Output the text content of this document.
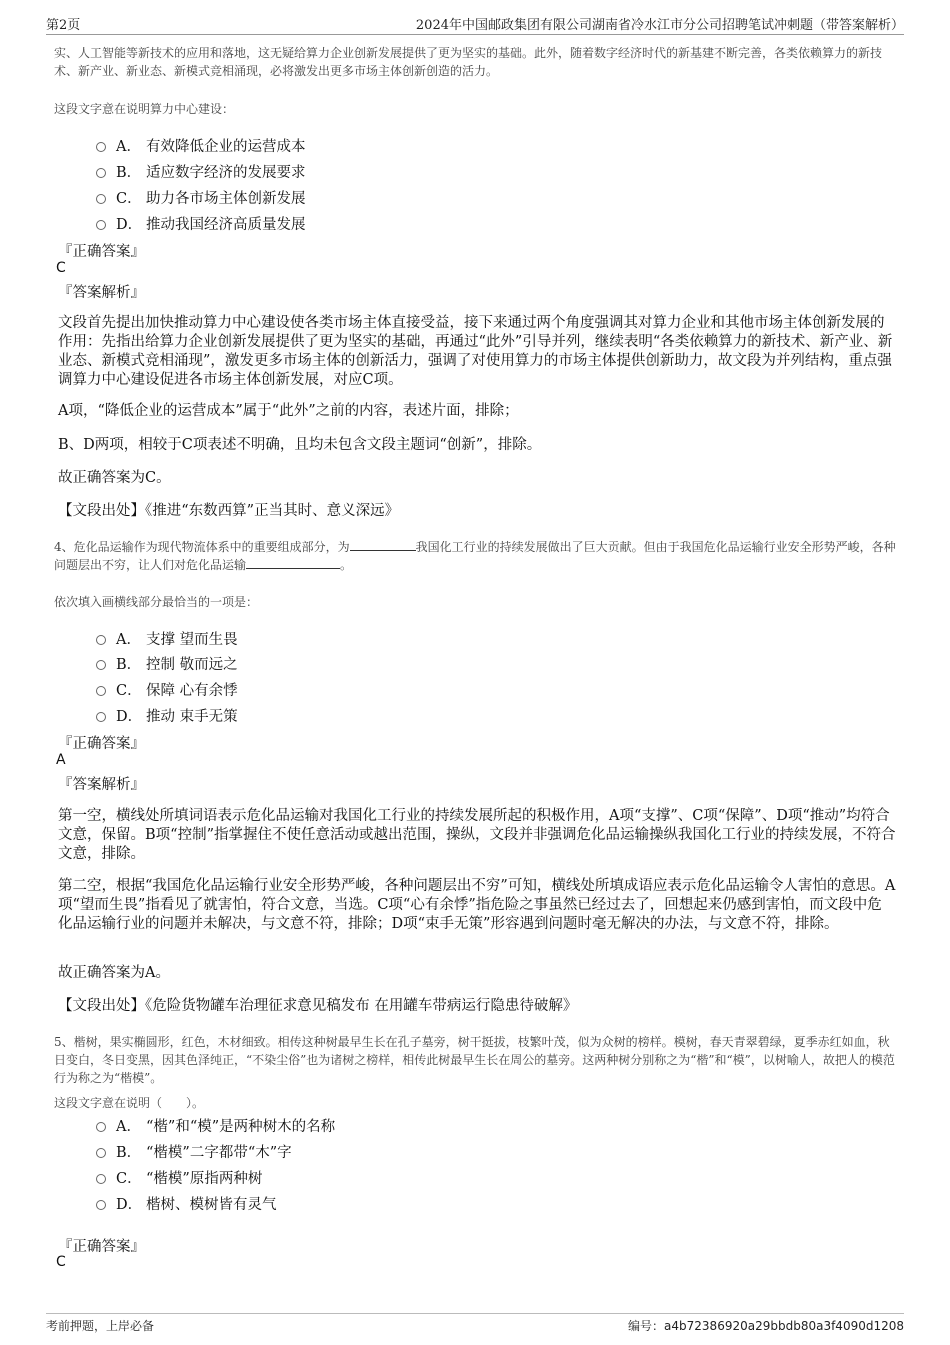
第2页	2024年中国邮政集团有限公司湖南省冷水江市分公司招聘笔试冲刺题（带答案解析）
实、人工智能等新技术的应用和落地，这无疑给算力企业创新发展提供了更为坚实的基础。此外，随着数字经济时代的新基建不断完善，各类依赖算力的新技术、新产业、新业态、新模式竞相涌现，必将激发出更多市场主体创新创造的活力。
这段文字意在说明算力中心建设：
A． 有效降低企业的运营成本
B． 适应数字经济的发展要求
C． 助力各市场主体创新发展
D． 推动我国经济高质量发展
『正确答案』
C
『答案解析』
文段首先提出加快推动算力中心建设使各类市场主体直接受益，接下来通过两个角度强调其对算力企业和其他市场主体创新发展的作用：先指出给算力企业创新发展提供了更为坚实的基础，再通过“此外”引导并列，继续表明“各类依赖算力的新技术、新产业、新业态、新模式竞相涌现”，激发更多市场主体的创新活力，强调了对使用算力的市场主体提供创新助力，故文段为并列结构，重点强调算力中心建设促进各市场主体创新发展，对应C项。
A项，“降低企业的运营成本”属于“此外”之前的内容，表述片面，排除；
B、D两项，相较于C项表述不明确，且均未包含文段主题词“创新”，排除。
故正确答案为C。
【文段出处】《推进“东数西算”正当其时、意义深远》
4、危化品运输作为现代物流体系中的重要组成部分，为	我国化工行业的持续发展做出了巨大贡献。但由于我国危化品运输行业安全形势严峻，各种问题层出不穷，让人们对危化品运输	。
依次填入画横线部分最恰当的一项是：
A． 支撑 望而生畏
B． 控制 敬而远之
C． 保障 心有余悸
D． 推动 束手无策
『正确答案』
A
『答案解析』
第一空，横线处所填词语表示危化品运输对我国化工行业的持续发展所起的积极作用，A项“支撑”、C项“保障”、D项“推动”均符合文意，保留。B项“控制”指掌握住不使任意活动或越出范围，操纵，文段并非强调危化品运输操纵我国化工行业的持续发展，不符合文意，排除。
第二空，根据“我国危化品运输行业安全形势严峻，各种问题层出不穷”可知，横线处所填成语应表示危化品运输令人害怕的意思。A项“望而生畏”指看见了就害怕，符合文意，当选。C项“心有余悸”指危险之事虽然已经过去了，回想起来仍感到害怕，而文段中危化品运输行业的问题并未解决，与文意不符，排除；D项“束手无策”形容遇到问题时毫无解决的办法，与文意不符，排除。
故正确答案为A。
【文段出处】《危险货物罐车治理征求意见稿发布 在用罐车带病运行隐患待破解》
5、楷树，果实椭圆形，红色，木材细致。相传这种树最早生长在孔子墓旁，树干挺拔，枝繁叶茂，似为众树的榜样。模树，春天青翠碧绿，夏季赤红如血，秋日变白，冬日变黑，因其色泽纯正，“不染尘俗”也为诸树之榜样，相传此树最早生长在周公的墓旁。这两种树分别称之为“楷”和“模”，以树喻人，故把人的模范行为称之为“楷模”。
这段文字意在说明（　　）。
A． “楷”和“模”是两种树木的名称
B． “楷模”二字都带“木”字
C． “楷模”原指两种树
D． 楷树、模树皆有灵气
『正确答案』
C
考前押题，上岸必备	编号：a4b72386920a29bbdb80a3f4090d1208
